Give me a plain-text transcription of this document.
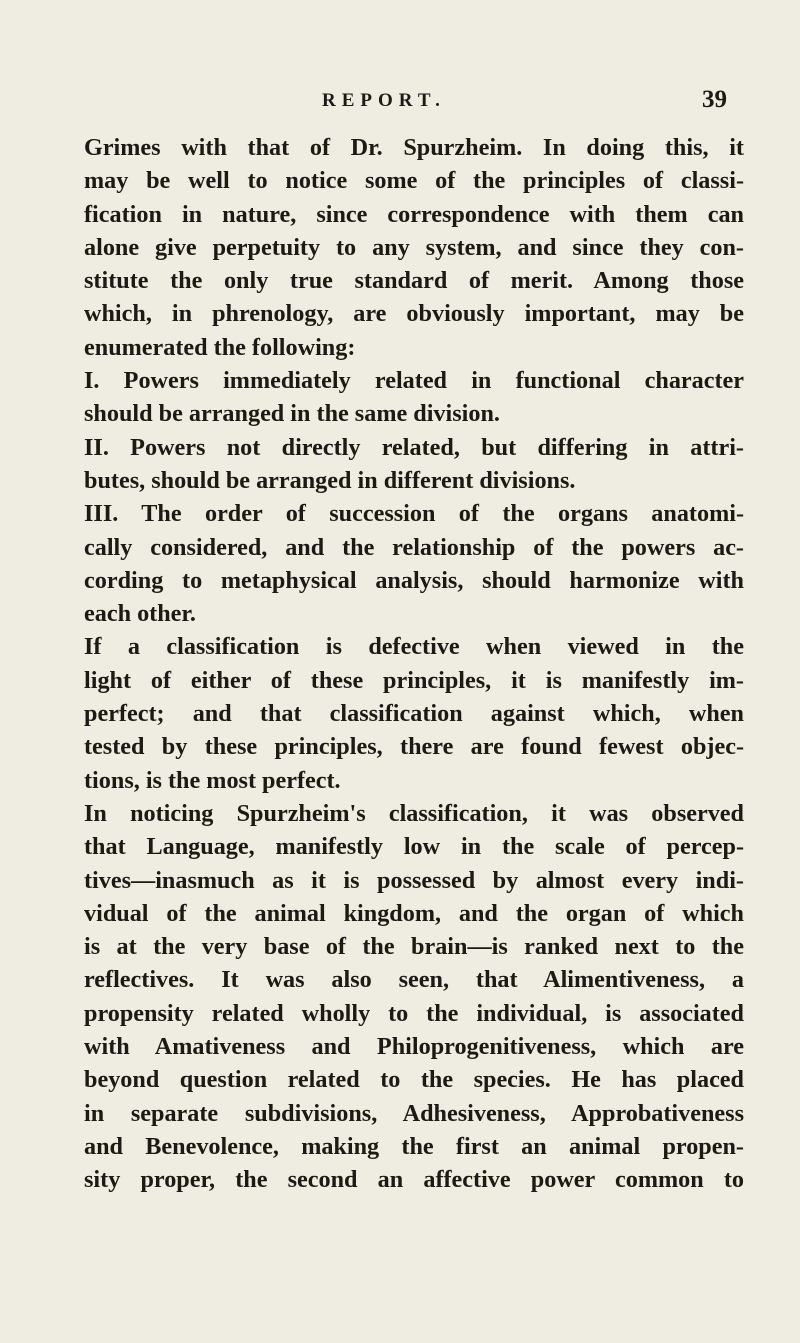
REPORT.	39
Grimes with that of Dr. Spurzheim. In doing this, it
may be well to notice some of the principles of classi-
fication in nature, since correspondence with them can
alone give perpetuity to any system, and since they con-
stitute the only true standard of merit. Among those
which, in phrenology, are obviously important, may be
enumerated the following:
I. Powers immediately related in functional character
should be arranged in the same division.
II. Powers not directly related, but differing in attri-
butes, should be arranged in different divisions.
III. The order of succession of the organs anatomi-
cally considered, and the relationship of the powers ac-
cording to metaphysical analysis, should harmonize with
each other.
If a classification is defective when viewed in the
light of either of these principles, it is manifestly im-
perfect; and that classification against which, when
tested by these principles, there are found fewest objec-
tions, is the most perfect.
In noticing Spurzheim's classification, it was observed
that Language, manifestly low in the scale of percep-
tives—inasmuch as it is possessed by almost every indi-
vidual of the animal kingdom, and the organ of which
is at the very base of the brain—is ranked next to the
reflectives. It was also seen, that Alimentiveness, a
propensity related wholly to the individual, is associated
with Amativeness and Philoprogenitiveness, which are
beyond question related to the species. He has placed
in separate subdivisions, Adhesiveness, Approbativeness
and Benevolence, making the first an animal propen-
sity proper, the second an affective power common to
